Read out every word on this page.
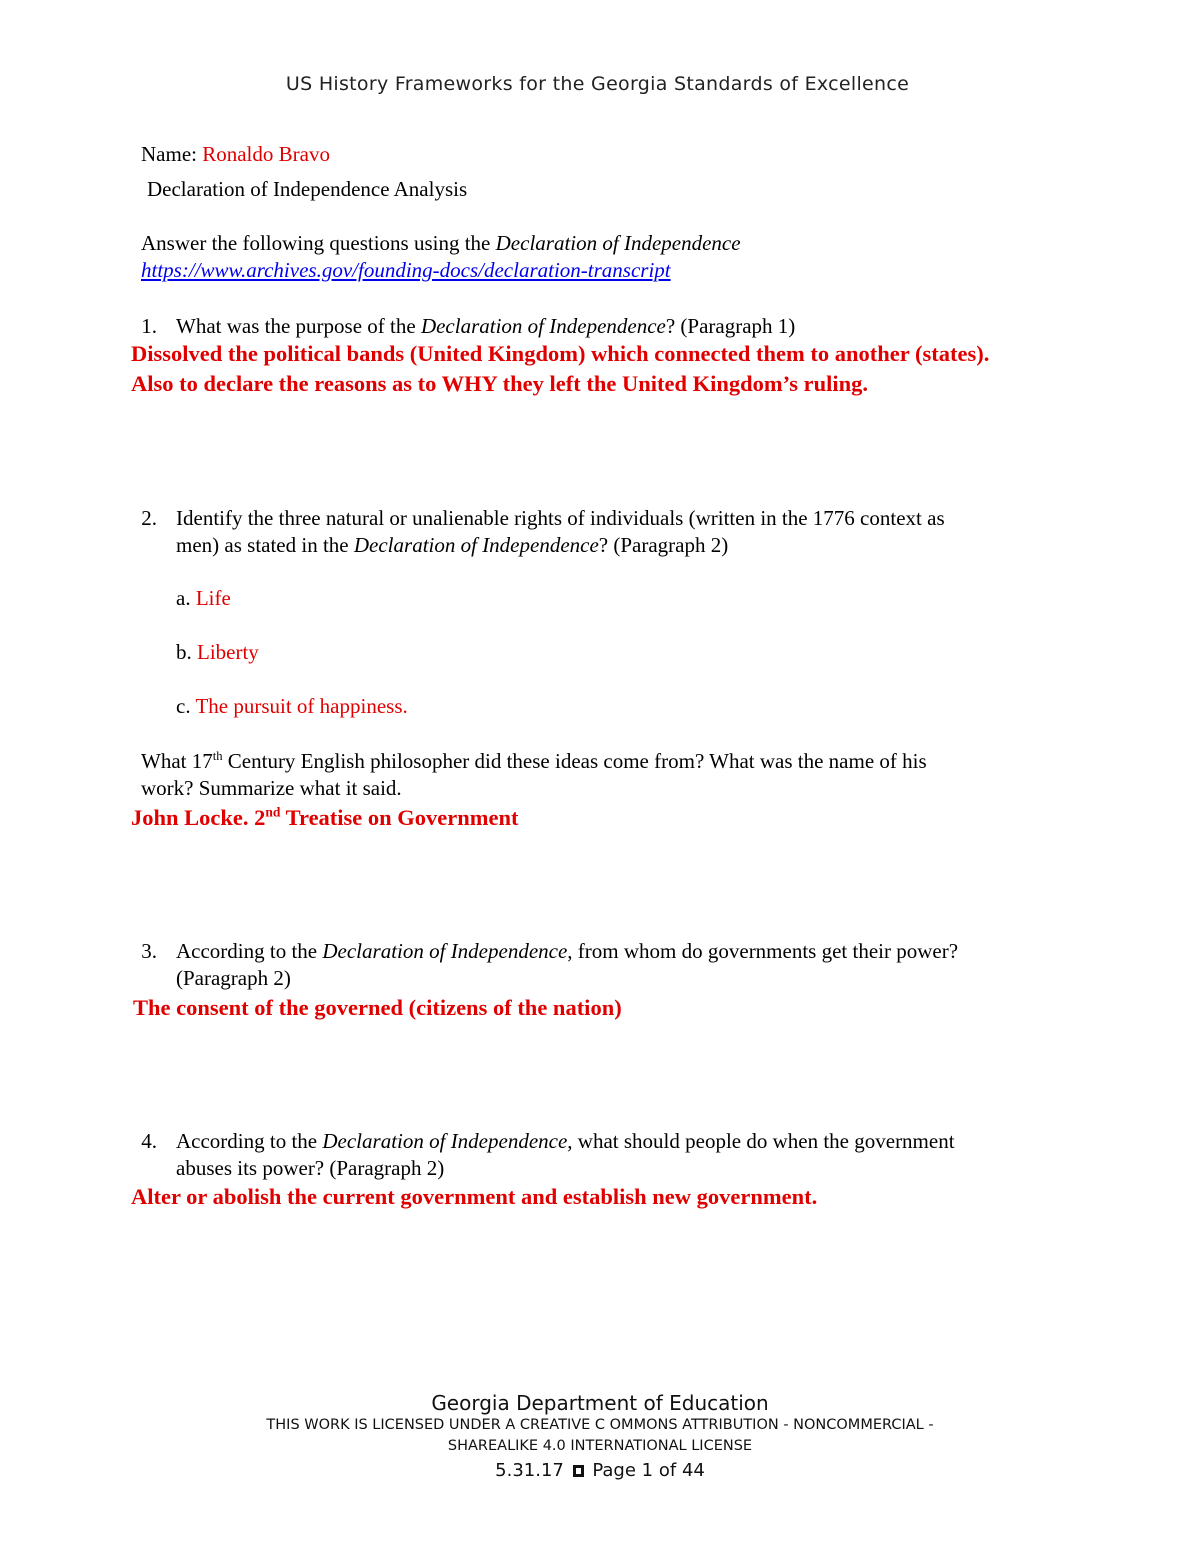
US History Frameworks for the Georgia Standards of Excellence
Name: Ronaldo Bravo
Declaration of Independence Analysis
Answer the following questions using the Declaration of Independence
https://www.archives.gov/founding-docs/declaration-transcript
1. What was the purpose of the Declaration of Independence? (Paragraph 1)
Dissolved the political bands (United Kingdom) which connected them to another (states).
Also to declare the reasons as to WHY they left the United Kingdom’s ruling.
2. Identify the three natural or unalienable rights of individuals (written in the 1776 context as
men) as stated in the Declaration of Independence? (Paragraph 2)
a. Life
b. Liberty
c. The pursuit of happiness.
What 17th Century English philosopher did these ideas come from? What was the name of his
work? Summarize what it said.
John Locke. 2nd Treatise on Government
3. According to the Declaration of Independence, from whom do governments get their power?
(Paragraph 2)
The consent of the governed (citizens of the nation)
4. According to the Declaration of Independence, what should people do when the government
abuses its power? (Paragraph 2)
Alter or abolish the current government and establish new government.
Georgia Department of Education
THIS WORK IS LICENSED UNDER A CREATIVE C OMMONS ATTRIBUTION - NONCOMMERCIAL -
SHAREALIKE 4.0 INTERNATIONAL LICENSE
5.31.17 Page 1 of 44
